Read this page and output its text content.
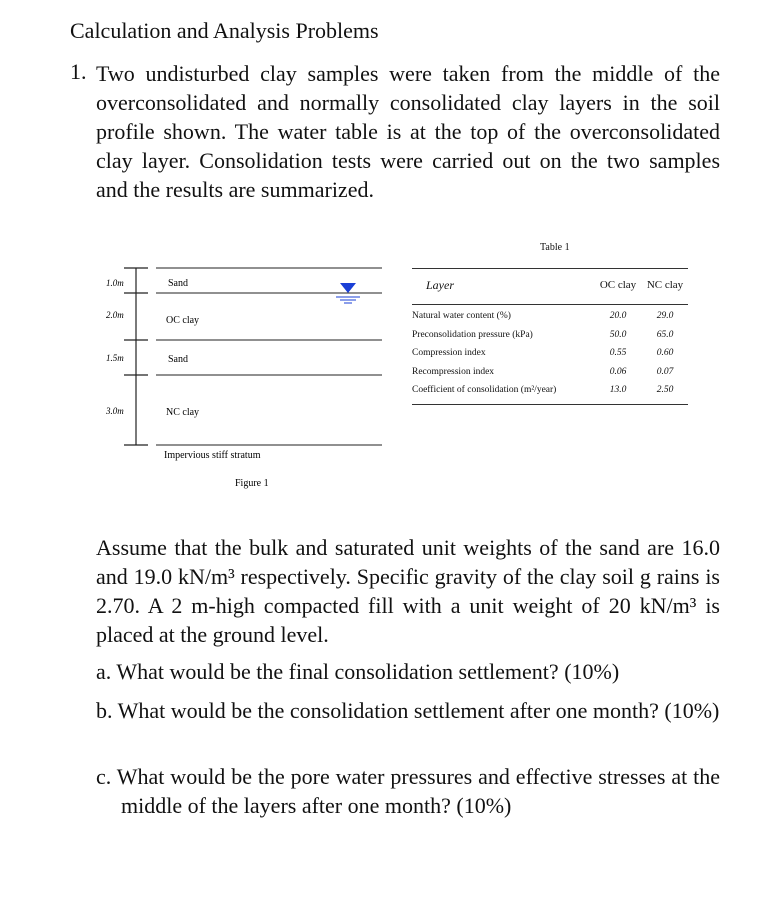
Calculation and Analysis Problems
1. Two undisturbed clay samples were taken from the middle of the overconsolidated and normally consolidated clay layers in the soil profile shown. The water table is at the top of the overconsolidated clay layer. Consolidation tests were carried out on the two samples and the results are summarized.
1.0m
2.0m
1.5m
3.0m
Sand
OC clay
Sand
NC clay
Impervious stiff stratum
Figure 1
Table 1
Layer	OC clay	NC clay

Natural water content (%)	20.0	29.0
Preconsolidation pressure (kPa)	50.0	65.0
Compression index	0.55	0.60
Recompression index	0.06	0.07
Coefficient of consolidation (m²/year)	13.0	2.50

Assume that the bulk and saturated unit weights of the sand are 16.0 and 19.0 kN/m³ respectively. Specific gravity of the clay soil g rains is 2.70. A 2 m-high compacted fill with a unit weight of 20 kN/m³ is placed at the ground level.
a. What would be the final consolidation settlement? (10%)
b. What would be the consolidation settlement after one month? (10%)
c. What would be the pore water pressures and effective stresses at the middle of the layers after one month? (10%)
